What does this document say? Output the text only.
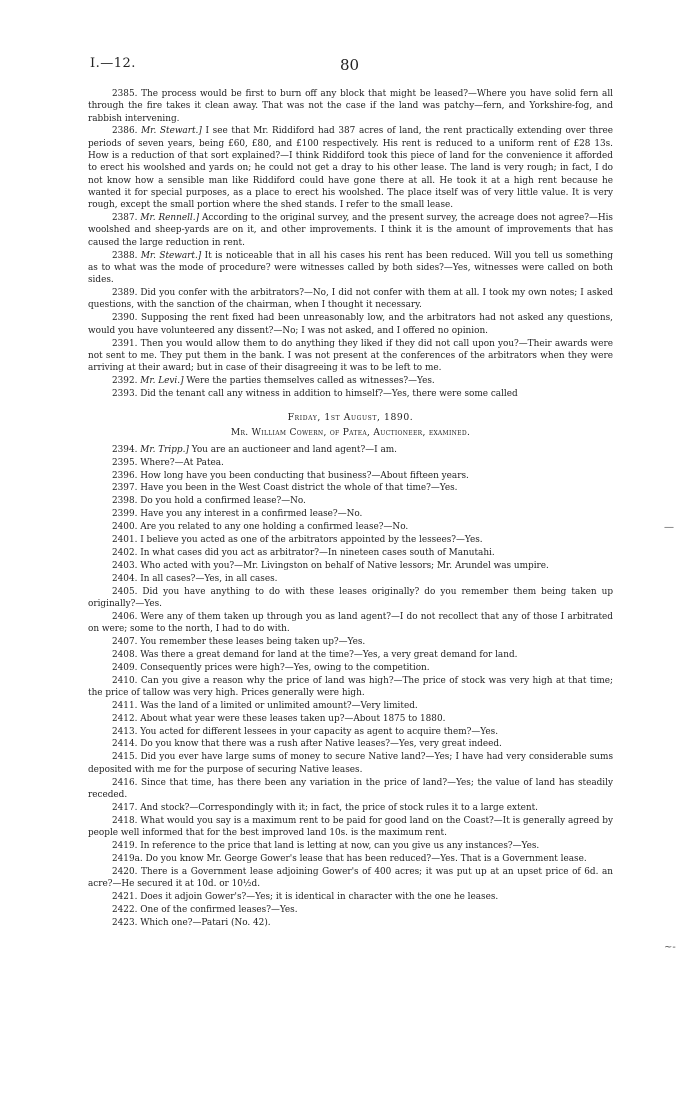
I.—12.	80
—
~‑

2385. The process would be first to burn off any block that might be leased?—Where you have solid fern all through the fire takes it clean away. That was not the case if the land was patchy—fern, and Yorkshire-fog, and rabbish intervening.

2386. Mr. Stewart.] I see that Mr. Riddiford had 387 acres of land, the rent practically extending over three periods of seven years, being £60, £80, and £100 respectively. His rent is reduced to a uniform rent of £28 13s. How is a reduction of that sort explained?—I think Riddiford took this piece of land for the convenience it afforded to erect his woolshed and yards on; he could not get a dray to his other lease. The land is very rough; in fact, I do not know how a sensible man like Riddiford could have gone there at all. He took it at a high rent because he wanted it for special purposes, as a place to erect his woolshed. The place itself was of very little value. It is very rough, except the small portion where the shed stands. I refer to the small lease.

2387. Mr. Rennell.] According to the original survey, and the present survey, the acreage does not agree?—His woolshed and sheep-yards are on it, and other improvements. I think it is the amount of improvements that has caused the large reduction in rent.

2388. Mr. Stewart.] It is noticeable that in all his cases his rent has been reduced. Will you tell us something as to what was the mode of procedure? were witnesses called by both sides?—Yes, witnesses were called on both sides.

2389. Did you confer with the arbitrators?—No, I did not confer with them at all. I took my own notes; I asked questions, with the sanction of the chairman, when I thought it necessary.

2390. Supposing the rent fixed had been unreasonably low, and the arbitrators had not asked any questions, would you have volunteered any dissent?—No; I was not asked, and I offered no opinion.

2391. Then you would allow them to do anything they liked if they did not call upon you?—Their awards were not sent to me. They put them in the bank. I was not present at the conferences of the arbitrators when they were arriving at their award; but in case of their disagreeing it was to be left to me.

2392. Mr. Levi.] Were the parties themselves called as witnesses?—Yes.

2393. Did the tenant call any witness in addition to himself?—Yes, there were some called

Friday, 1st August, 1890.
Mr. William Cowern, of Patea, Auctioneer, examined.

2394. Mr. Tripp.] You are an auctioneer and land agent?—I am.

2395. Where?—At Patea.

2396. How long have you been conducting that business?—About fifteen years.

2397. Have you been in the West Coast district the whole of that time?—Yes.

2398. Do you hold a confirmed lease?—No.

2399. Have you any interest in a confirmed lease?—No.

2400. Are you related to any one holding a confirmed lease?—No.

2401. I believe you acted as one of the arbitrators appointed by the lessees?—Yes.

2402. In what cases did you act as arbitrator?—In nineteen cases south of Manutahi.

2403. Who acted with you?—Mr. Livingston on behalf of Native lessors; Mr. Arundel was umpire.

2404. In all cases?—Yes, in all cases.

2405. Did you have anything to do with these leases originally? do you remember them being taken up originally?—Yes.

2406. Were any of them taken up through you as land agent?—I do not recollect that any of those I arbitrated on were; some to the north, I had to do with.

2407. You remember these leases being taken up?—Yes.

2408. Was there a great demand for land at the time?—Yes, a very great demand for land.

2409. Consequently prices were high?—Yes, owing to the competition.

2410. Can you give a reason why the price of land was high?—The price of stock was very high at that time; the price of tallow was very high. Prices generally were high.

2411. Was the land of a limited or unlimited amount?—Very limited.

2412. About what year were these leases taken up?—About 1875 to 1880.

2413. You acted for different lessees in your capacity as agent to acquire them?—Yes.

2414. Do you know that there was a rush after Native leases?—Yes, very great indeed.

2415. Did you ever have large sums of money to secure Native land?—Yes; I have had very considerable sums deposited with me for the purpose of securing Native leases.

2416. Since that time, has there been any variation in the price of land?—Yes; the value of land has steadily receded.

2417. And stock?—Correspondingly with it; in fact, the price of stock rules it to a large extent.

2418. What would you say is a maximum rent to be paid for good land on the Coast?—It is generally agreed by people well informed that for the best improved land 10s. is the maximum rent.

2419. In reference to the price that land is letting at now, can you give us any instances?—Yes.

2419a. Do you know Mr. George Gower's lease that has been reduced?—Yes. That is a Government lease.

2420. There is a Government lease adjoining Gower's of 400 acres; it was put up at an upset price of 6d. an acre?—He secured it at 10d. or 10½d.

2421. Does it adjoin Gower's?—Yes; it is identical in character with the one he leases.

2422. One of the confirmed leases?—Yes.

2423. Which one?—Patari (No. 42).
